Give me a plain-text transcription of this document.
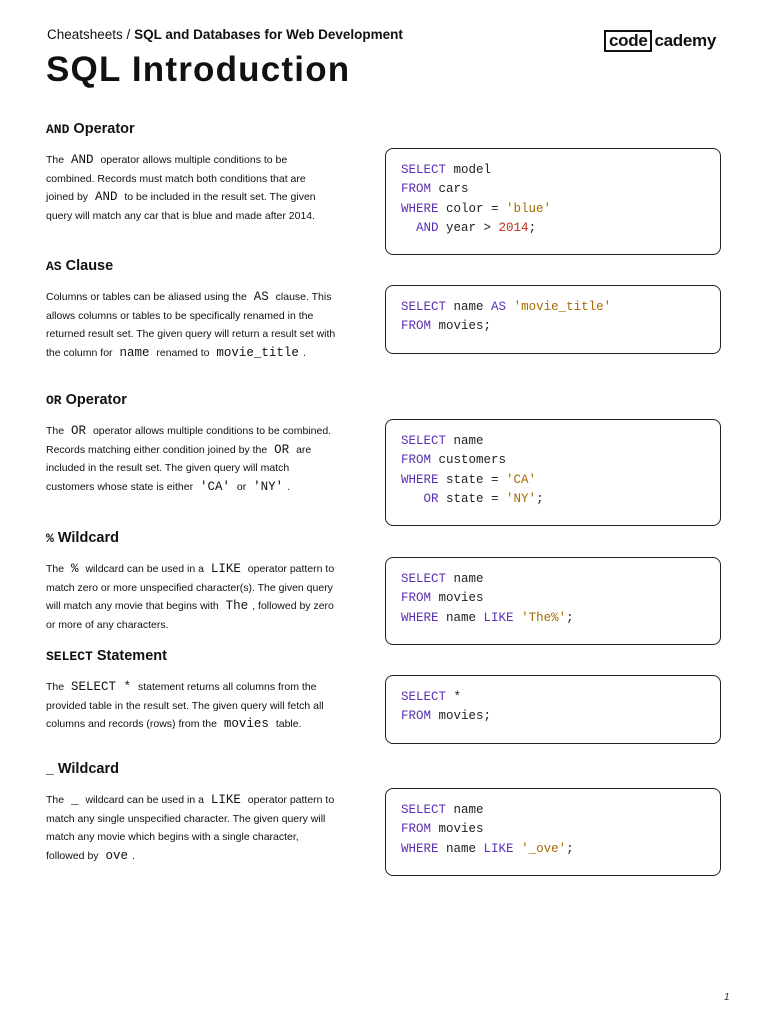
Cheatsheets / SQL and Databases for Web Development	code cademy
SQL Introduction
AND Operator

The AND operator allows multiple conditions to be combined. Records must match both conditions that are joined by AND to be included in the result set. The given query will match any car that is blue and made after 2014.

SELECT model
FROM cars
WHERE color = 'blue'
AND year > 2014;
AS Clause

Columns or tables can be aliased using the AS clause. This allows columns or tables to be specifically renamed in the returned result set. The given query will return a result set with the column for name renamed to movie_title .

SELECT name AS 'movie_title'
FROM movies;
OR Operator

The OR operator allows multiple conditions to be combined. Records matching either condition joined by the OR are included in the result set. The given query will match customers whose state is either 'CA' or 'NY' .

SELECT name
FROM customers
WHERE state = 'CA'
OR state = 'NY';
% Wildcard

The % wildcard can be used in a LIKE operator pattern to match zero or more unspecified character(s). The given query will match any movie that begins with The , followed by zero or more of any characters.

SELECT name
FROM movies
WHERE name LIKE 'The%';
SELECT Statement

The SELECT * statement returns all columns from the provided table in the result set. The given query will fetch all columns and records (rows) from the movies table.

SELECT *
FROM movies;
_ Wildcard

The _ wildcard can be used in a LIKE operator pattern to match any single unspecified character. The given query will match any movie which begins with a single character, followed by ove .

SELECT name
FROM movies
WHERE name LIKE '_ove';
1
